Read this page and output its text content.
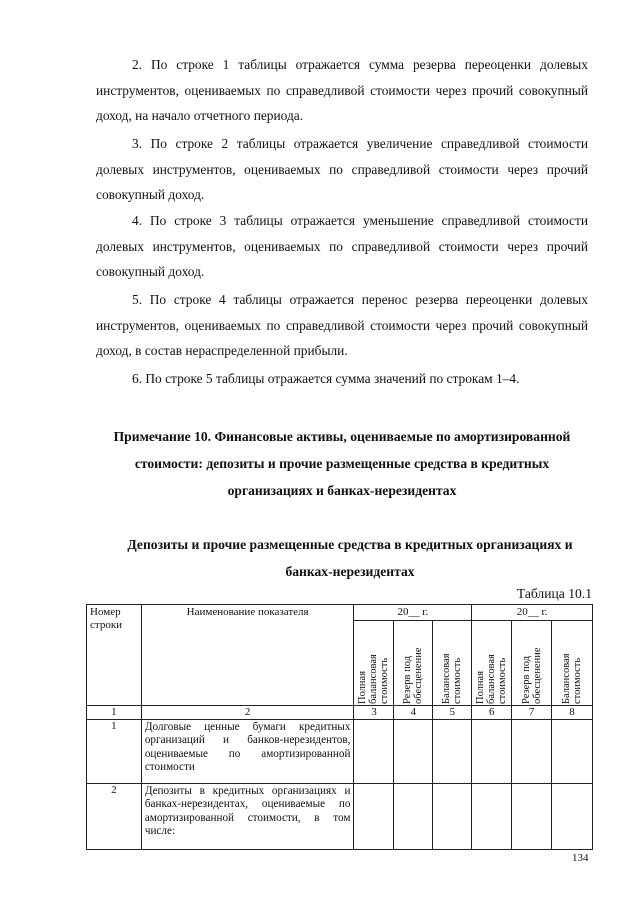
2. По строке 1 таблицы отражается сумма резерва переоценки долевых инструментов, оцениваемых по справедливой стоимости через прочий совокупный доход, на начало отчетного периода.

3. По строке 2 таблицы отражается увеличение справедливой стоимости долевых инструментов, оцениваемых по справедливой стоимости через прочий совокупный доход.

4. По строке 3 таблицы отражается уменьшение справедливой стоимости долевых инструментов, оцениваемых по справедливой стоимости через прочий совокупный доход.

5. По строке 4 таблицы отражается перенос резерва переоценки долевых инструментов, оцениваемых по справедливой стоимости через прочий совокупный доход, в состав нераспределенной прибыли.

6. По строке 5 таблицы отражается сумма значений по строкам 1–4.

Примечание 10. Финансовые активы, оцениваемые по амортизированной стоимости: депозиты и прочие размещенные средства в кредитных организациях и банках-нерезидентах

Депозиты и прочие размещенные средства в кредитных организациях и банках-нерезидентах

Таблица 10.1
Номер строки	Наименование показателя	20__ г.			20__ г.		

		Полная балансовая стоимость	Резерв под обесценение	Балансовая стоимость	Полная балансовая стоимость	Резерв под обесценение	Балансовая стоимость

1	2	3	4	5	6	7	8
1	Долговые ценные бумаги кредитных организаций и банков-нерезидентов, оцениваемые по амортизированной стоимости						
2	Депозиты в кредитных организациях и банках-нерезидентах, оцениваемые по амортизированной стоимости, в том числе:						
134
